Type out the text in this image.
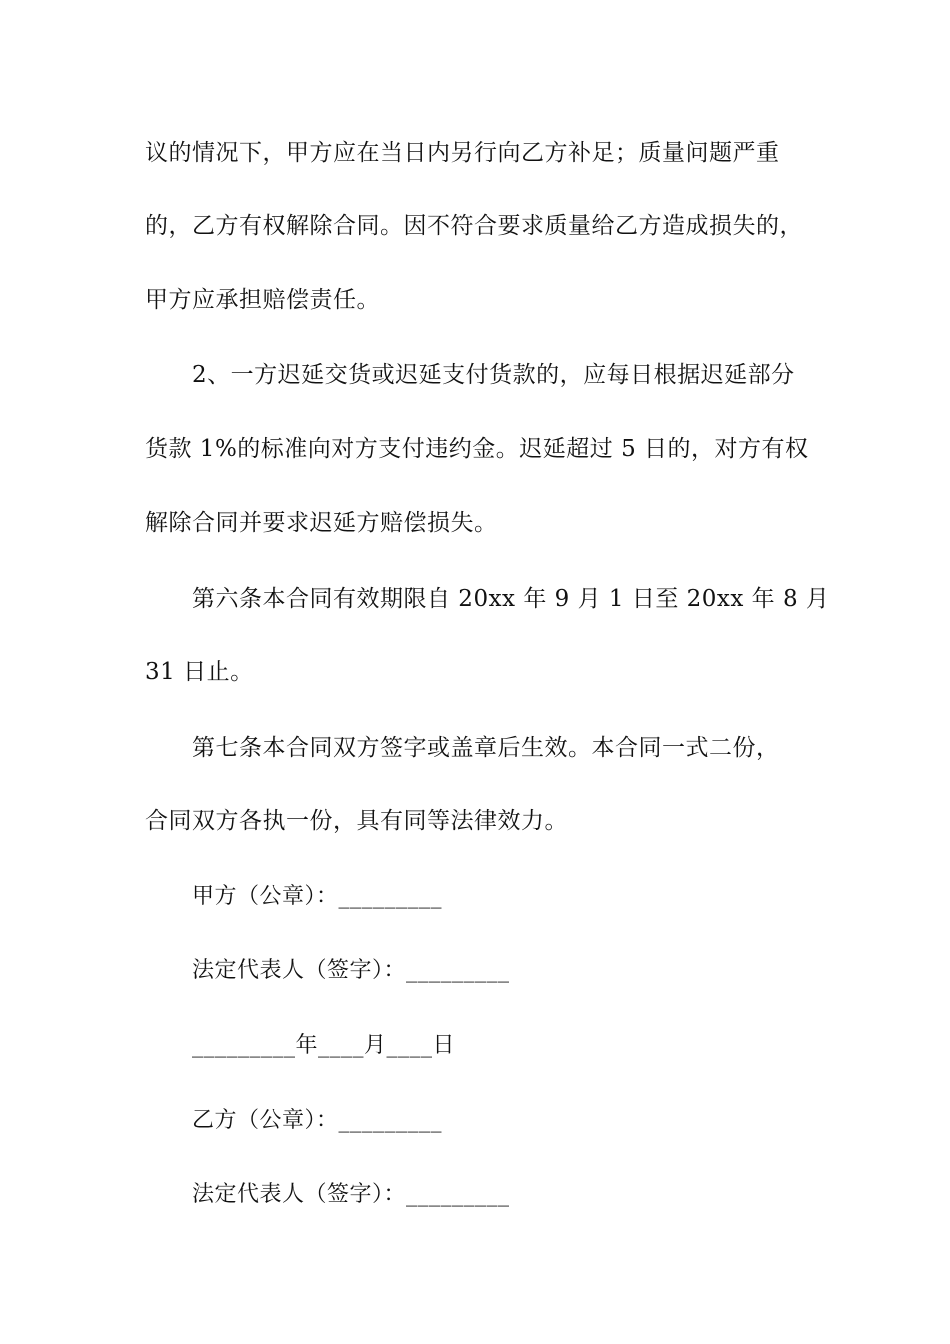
议的情况下，甲方应在当日内另行向乙方补足；质量问题严重
的，乙方有权解除合同。因不符合要求质量给乙方造成损失的，
甲方应承担赔偿责任。
2、一方迟延交货或迟延支付货款的，应每日根据迟延部分
货款 1%的标准向对方支付违约金。迟延超过 5 日的，对方有权
解除合同并要求迟延方赔偿损失。
第六条本合同有效期限自 20xx 年 9 月 1 日至 20xx 年 8 月
31 日止。
第七条本合同双方签字或盖章后生效。本合同一式二份，
合同双方各执一份，具有同等法律效力。
甲方（公章）：_________
法定代表人（签字）：_________
_________年____月____日
乙方（公章）：_________
法定代表人（签字）：_________
